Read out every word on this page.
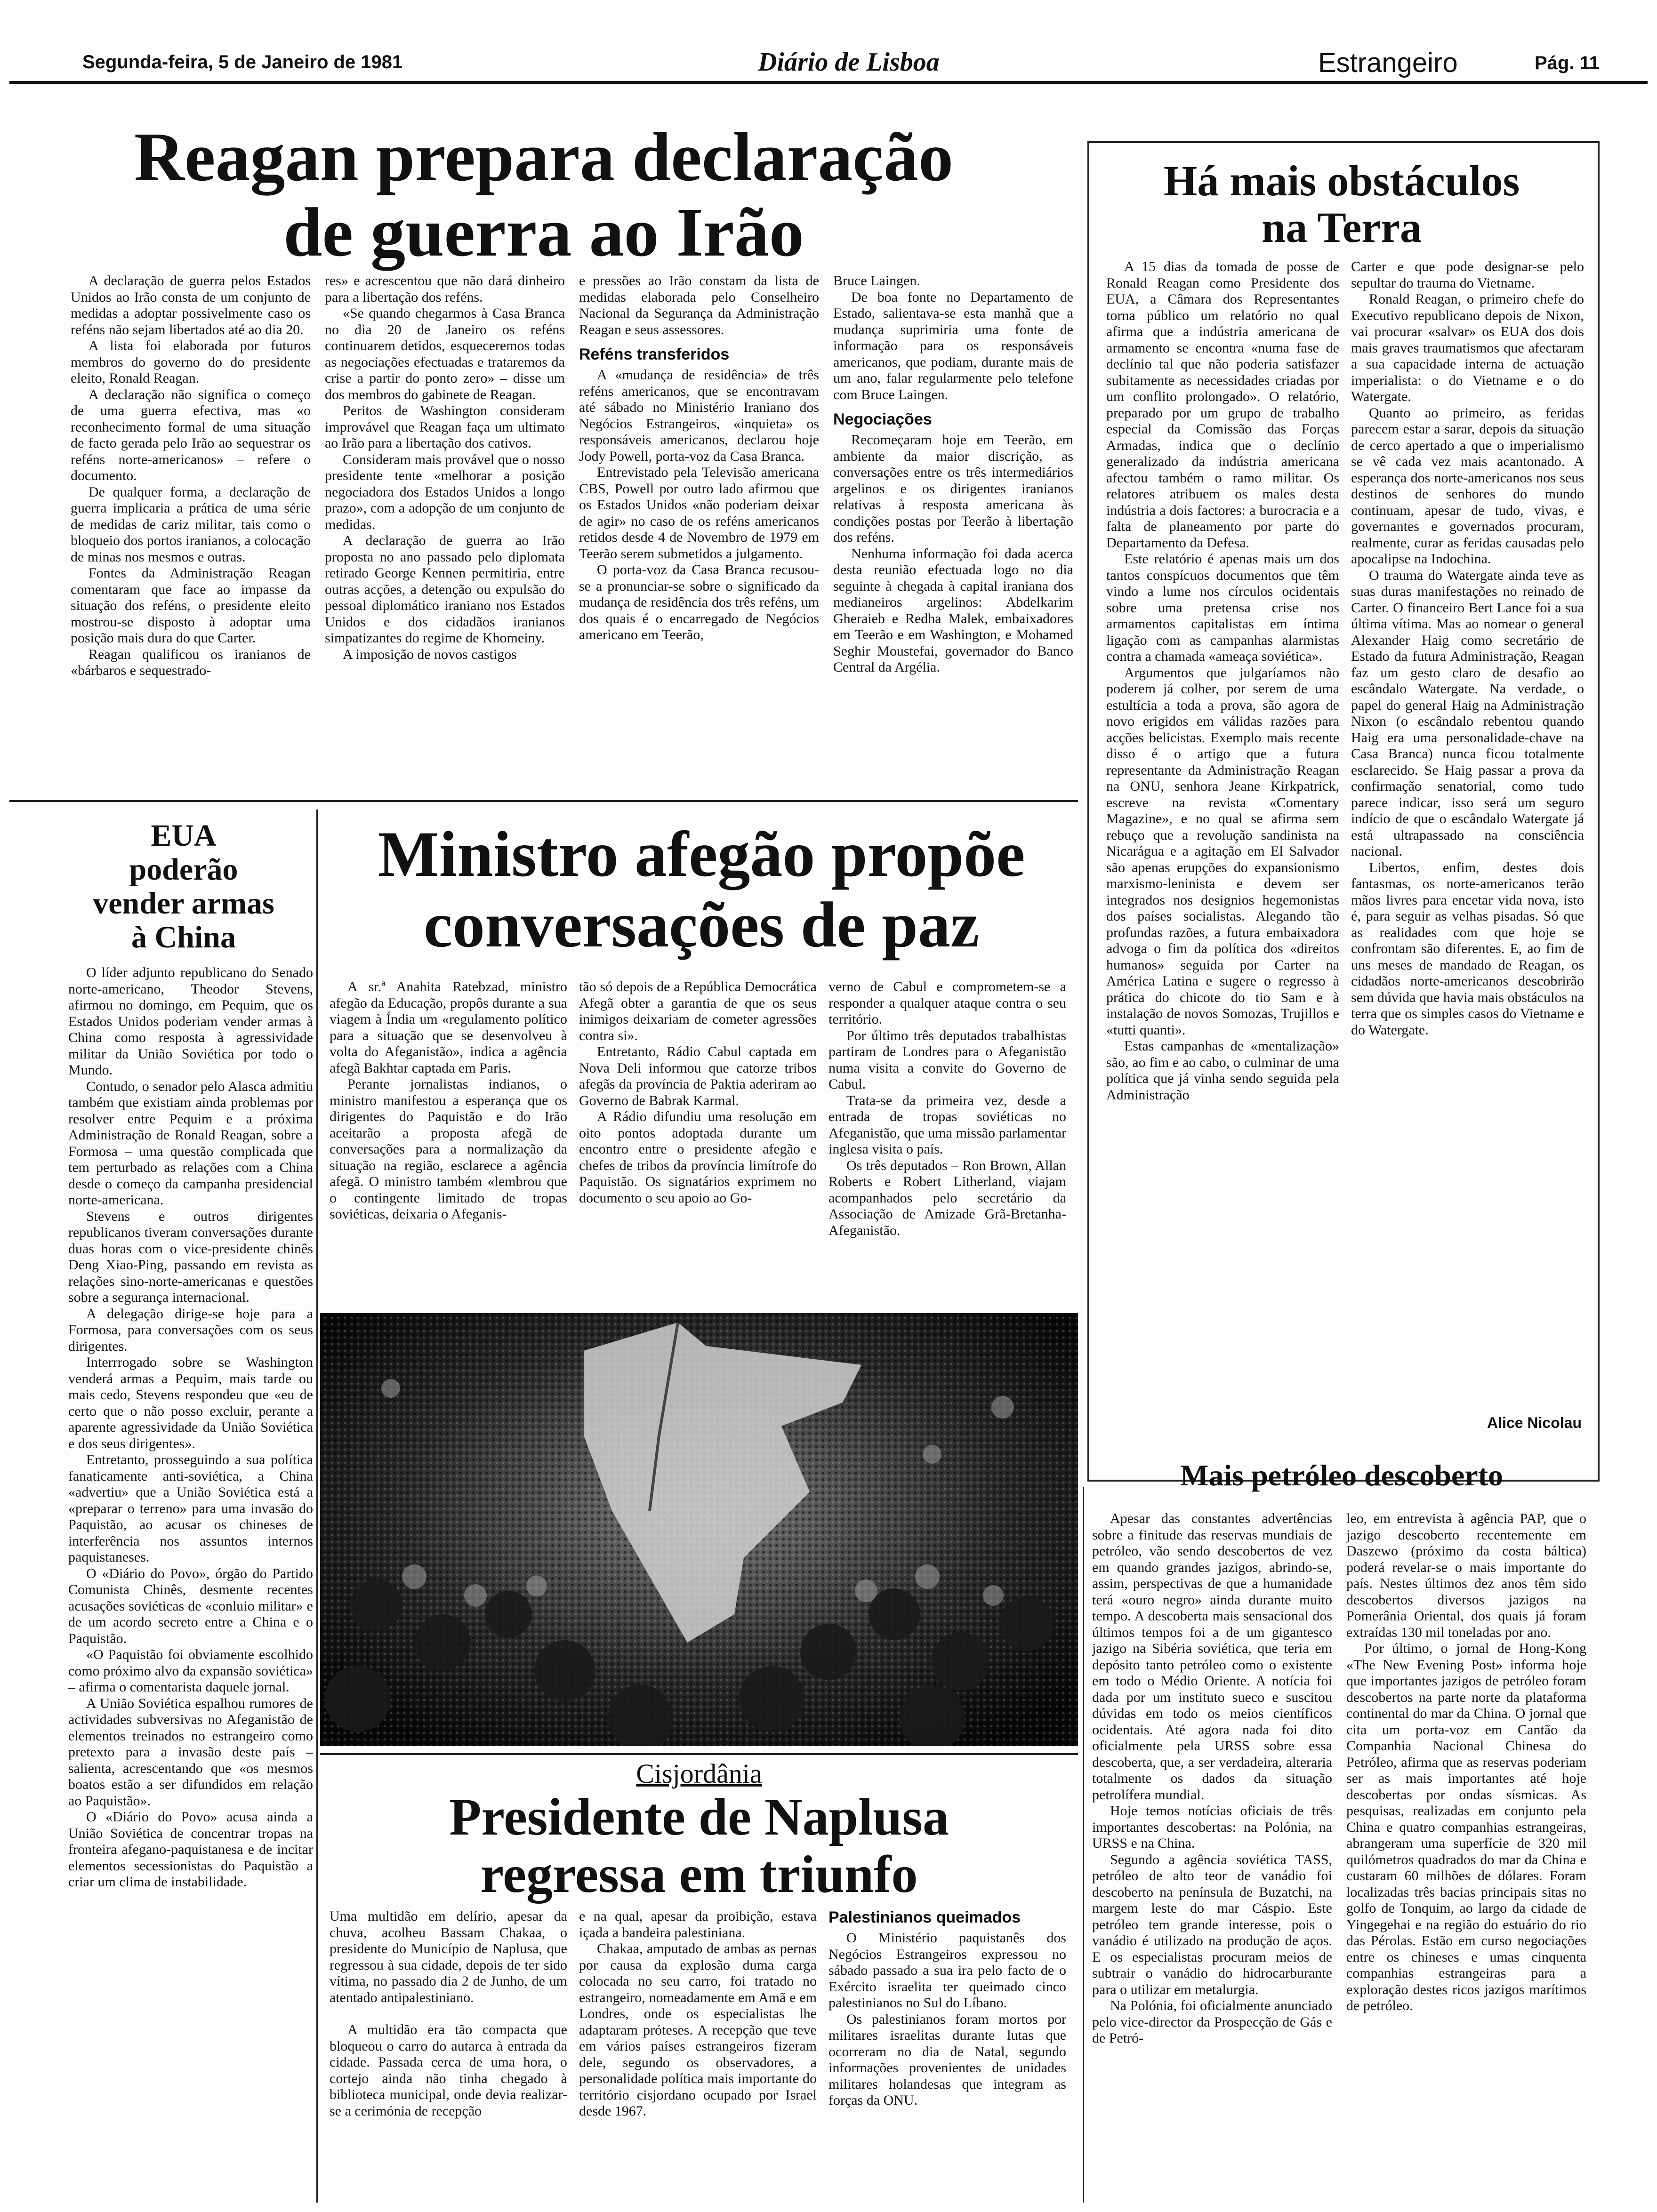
Segunda-feira, 5 de Janeiro de 1981	Diário de Lisboa	Estrangeiro	Pág. 11
Reagan prepara declaração
de guerra ao Irão

A declaração de guerra pelos Estados Unidos ao Irão consta de um conjunto de medidas a adoptar possivelmente caso os reféns não sejam libertados até ao dia 20.

A lista foi elaborada por futuros membros do governo do do presidente eleito, Ronald Reagan.

A declaração não significa o começo de uma guerra efectiva, mas «o reconhecimento formal de uma situação de facto gerada pelo Irão ao sequestrar os reféns norte-americanos» – refere o documento.

De qualquer forma, a declaração de guerra implicaria a prática de uma série de medidas de cariz militar, tais como o bloqueio dos portos iranianos, a colocação de minas nos mesmos e outras.

Fontes da Administração Reagan comentaram que face ao impasse da situação dos reféns, o presidente eleito mostrou-se disposto à adoptar uma posição mais dura do que Carter.

Reagan qualificou os iranianos de «bárbaros e sequestrado-

res» e acrescentou que não dará dinheiro para a libertação dos reféns.

«Se quando chegarmos à Casa Branca no dia 20 de Janeiro os reféns continuarem detidos, esqueceremos todas as negociações efectuadas e trataremos da crise a partir do ponto zero» – disse um dos membros do gabinete de Reagan.

Peritos de Washington consideram improvável que Reagan faça um ultimato ao Irão para a libertação dos cativos.

Consideram mais provável que o nosso presidente tente «melhorar a posição negociadora dos Estados Unidos a longo prazo», com a adopção de um conjunto de medidas.

A declaração de guerra ao Irão proposta no ano passado pelo diplomata retirado George Kennen permitiria, entre outras acções, a detenção ou expulsão do pessoal diplomático iraniano nos Estados Unidos e dos cidadãos iranianos simpatizantes do regime de Khomeiny.

A imposição de novos castigos

e pressões ao Irão constam da lista de medidas elaborada pelo Conselheiro Nacional da Segurança da Administração Reagan e seus assessores.

Reféns transferidos

A «mudança de residência» de três reféns americanos, que se encontravam até sábado no Ministério Iraniano dos Negócios Estrangeiros, «inquieta» os responsáveis americanos, declarou hoje Jody Powell, porta-voz da Casa Branca.

Entrevistado pela Televisão americana CBS, Powell por outro lado afirmou que os Estados Unidos «não poderiam deixar de agir» no caso de os reféns americanos retidos desde 4 de Novembro de 1979 em Teerão serem submetidos a julgamento.

O porta-voz da Casa Branca recusou-se a pronunciar-se sobre o significado da mudança de residência dos três reféns, um dos quais é o encarregado de Negócios americano em Teerão,

Bruce Laingen.

De boa fonte no Departamento de Estado, salientava-se esta manhã que a mudança suprimiria uma fonte de informação para os responsáveis americanos, que podiam, durante mais de um ano, falar regularmente pelo telefone com Bruce Laingen.

Negociações

Recomeçaram hoje em Teerão, em ambiente da maior discrição, as conversações entre os três intermediários argelinos e os dirigentes iranianos relativas à resposta americana às condições postas por Teerão à libertação dos reféns.

Nenhuma informação foi dada acerca desta reunião efectuada logo no dia seguinte à chegada à capital iraniana dos medianeiros argelinos: Abdelkarim Gheraieb e Redha Malek, embaixadores em Teerão e em Washington, e Mohamed Seghir Moustefai, governador do Banco Central da Argélia.

Há mais obstáculos
na Terra

A 15 dias da tomada de posse de Ronald Reagan como Presidente dos EUA, a Câmara dos Representantes torna público um relatório no qual afirma que a indústria americana de armamento se encontra «numa fase de declínio tal que não poderia satisfazer subitamente as necessidades criadas por um conflito prolongado». O relatório, preparado por um grupo de trabalho especial da Comissão das Forças Armadas, indica que o declínio generalizado da indústria americana afectou também o ramo militar. Os relatores atribuem os males desta indústria a dois factores: a burocracia e a falta de planeamento por parte do Departamento da Defesa.

Este relatório é apenas mais um dos tantos conspícuos documentos que têm vindo a lume nos círculos ocidentais sobre uma pretensa crise nos armamentos capitalistas em íntima ligação com as campanhas alarmistas contra a chamada «ameaça soviética».

Argumentos que julgaríamos não poderem já colher, por serem de uma estultícia a toda a prova, são agora de novo erigidos em válidas razões para acções belicistas. Exemplo mais recente disso é o artigo que a futura representante da Administração Reagan na ONU, senhora Jeane Kirkpatrick, escreve na revista «Comentary Magazine», e no qual se afirma sem rebuço que a revolução sandinista na Nicarágua e a agitação em El Salvador são apenas erupções do expansionismo marxismo-leninista e devem ser integrados nos designios hegemonistas dos países socialistas. Alegando tão profundas razões, a futura embaixadora advoga o fim da política dos «direitos humanos» seguida por Carter na América Latina e sugere o regresso à prática do chicote do tio Sam e à instalação de novos Somozas, Trujillos e «tutti quanti».

Estas campanhas de «mentalização» são, ao fim e ao cabo, o culminar de uma política que já vinha sendo seguida pela Administração

Carter e que pode designar-se pelo sepultar do trauma do Vietname.

Ronald Reagan, o primeiro chefe do Executivo republicano depois de Nixon, vai procurar «salvar» os EUA dos dois mais graves traumatismos que afectaram a sua capacidade interna de actuação imperialista: o do Vietname e o do Watergate.

Quanto ao primeiro, as feridas parecem estar a sarar, depois da situação de cerco apertado a que o imperialismo se vê cada vez mais acantonado. A esperança dos norte-americanos nos seus destinos de senhores do mundo continuam, apesar de tudo, vivas, e governantes e governados procuram, realmente, curar as feridas causadas pelo apocalipse na Indochina.

O trauma do Watergate ainda teve as suas duras manifestações no reinado de Carter. O financeiro Bert Lance foi a sua última vítima. Mas ao nomear o general Alexander Haig como secretário de Estado da futura Administração, Reagan faz um gesto claro de desafio ao escândalo Watergate. Na verdade, o papel do general Haig na Administração Nixon (o escândalo rebentou quando Haig era uma personalidade-chave na Casa Branca) nunca ficou totalmente esclarecido. Se Haig passar a prova da confirmação senatorial, como tudo parece indicar, isso será um seguro indício de que o escândalo Watergate já está ultrapassado na consciência nacional.

Libertos, enfim, destes dois fantasmas, os norte-americanos terão mãos livres para encetar vida nova, isto é, para seguir as velhas pisadas. Só que as realidades com que hoje se confrontam são diferentes. E, ao fim de uns meses de mandado de Reagan, os cidadãos norte-americanos descobrirão sem dúvida que havia mais obstáculos na terra que os simples casos do Vietname e do Watergate.

Alice Nicolau
EUA
poderão
vender armas
à China

O líder adjunto republicano do Senado norte-americano, Theodor Stevens, afirmou no domingo, em Pequim, que os Estados Unidos poderiam vender armas à China como resposta à agressividade militar da União Soviética por todo o Mundo.

Contudo, o senador pelo Alasca admitiu também que existiam ainda problemas por resolver entre Pequim e a próxima Administração de Ronald Reagan, sobre a Formosa – uma questão complicada que tem perturbado as relações com a China desde o começo da campanha presidencial norte-americana.

Stevens e outros dirigentes republicanos tiveram conversações durante duas horas com o vice-presidente chinês Deng Xiao-Ping, passando em revista as relações sino-norte-americanas e questões sobre a segurança internacional.

A delegação dirige-se hoje para a Formosa, para conversações com os seus dirigentes.

Interrrogado sobre se Washington venderá armas a Pequim, mais tarde ou mais cedo, Stevens respondeu que «eu de certo que o não posso excluir, perante a aparente agressividade da União Soviética e dos seus dirigentes».

Entretanto, prosseguindo a sua política fanaticamente anti-soviética, a China «advertiu» que a União Soviética está a «preparar o terreno» para uma invasão do Paquistão, ao acusar os chineses de interferência nos assuntos internos paquistaneses.

O «Diário do Povo», órgão do Partido Comunista Chinês, desmente recentes acusações soviéticas de «conluio militar» e de um acordo secreto entre a China e o Paquistão.

«O Paquistão foi obviamente escolhido como próximo alvo da expansão soviética» – afirma o comentarista daquele jornal.

A União Soviética espalhou rumores de actividades subversivas no Afeganistão de elementos treinados no estrangeiro como pretexto para a invasão deste país – salienta, acrescentando que «os mesmos boatos estão a ser difundidos em relação ao Paquistão».

O «Diário do Povo» acusa ainda a União Soviética de concentrar tropas na fronteira afegano-paquistanesa e de incitar elementos secessionistas do Paquistão a criar um clima de instabilidade.

Ministro afegão propõe
conversações de paz

A sr.ª Anahita Ratebzad, ministro afegão da Educação, propôs durante a sua viagem à Índia um «regulamento político para a situação que se desenvolveu à volta do Afeganistão», indica a agência afegã Bakhtar captada em Paris.

Perante jornalistas indianos, o ministro manifestou a esperança que os dirigentes do Paquistão e do Irão aceitarão a proposta afegã de conversações para a normalização da situação na região, esclarece a agência afegã. O ministro também «lembrou que o contingente limitado de tropas soviéticas, deixaria o Afeganis-

tão só depois de a República Democrática Afegã obter a garantia de que os seus inimigos deixariam de cometer agressões contra si».

Entretanto, Rádio Cabul captada em Nova Deli informou que catorze tribos afegãs da província de Paktia aderiram ao Governo de Babrak Karmal.

A Rádio difundiu uma resolução em oito pontos adoptada durante um encontro entre o presidente afegão e chefes de tribos da província limítrofe do Paquistão. Os signatários exprimem no documento o seu apoio ao Go-

verno de Cabul e comprometem-se a responder a qualquer ataque contra o seu território.

Por último três deputados trabalhistas partiram de Londres para o Afeganistão numa visita a convite do Governo de Cabul.

Trata-se da primeira vez, desde a entrada de tropas soviéticas no Afeganistão, que uma missão parlamentar inglesa visita o país.

Os três deputados – Ron Brown, Allan Roberts e Robert Litherland, viajam acompanhados pelo secretário da Associação de Amizade Grã-Bretanha-Afeganistão.

Cisjordânia
Presidente de Naplusa
regressa em triunfo

Uma multidão em delírio, apesar da chuva, acolheu Bassam Chakaa, o presidente do Município de Naplusa, que regressou à sua cidade, depois de ter sido vítima, no passado dia 2 de Junho, de um atentado antipalestiniano.

A multidão era tão compacta que bloqueou o carro do autarca à entrada da cidade. Passada cerca de uma hora, o cortejo ainda não tinha chegado à biblioteca municipal, onde devia realizar-se a cerimónia de recepção

e na qual, apesar da proibição, estava içada a bandeira palestiniana.

Chakaa, amputado de ambas as pernas por causa da explosão duma carga colocada no seu carro, foi tratado no estrangeiro, nomeadamente em Amã e em Londres, onde os especialistas lhe adaptaram próteses. A recepção que teve em vários países estrangeiros fizeram dele, segundo os observadores, a personalidade política mais importante do território cisjordano ocupado por Israel desde 1967.

Palestinianos queimados

O Ministério paquistanês dos Negócios Estrangeiros expressou no sábado passado a sua ira pelo facto de o Exército israelita ter queimado cinco palestinianos no Sul do Líbano.

Os palestinianos foram mortos por militares israelitas durante lutas que ocorreram no dia de Natal, segundo informações provenientes de unidades militares holandesas que integram as forças da ONU.

Mais petróleo descoberto

Apesar das constantes advertências sobre a finitude das reservas mundiais de petróleo, vão sendo descobertos de vez em quando grandes jazigos, abrindo-se, assim, perspectivas de que a humanidade terá «ouro negro» ainda durante muito tempo. A descoberta mais sensacional dos últimos tempos foi a de um gigantesco jazigo na Sibéria soviética, que teria em depósito tanto petróleo como o existente em todo o Médio Oriente. A notícia foi dada por um instituto sueco e suscitou dúvidas em todo os meios científicos ocidentais. Até agora nada foi dito oficialmente pela URSS sobre essa descoberta, que, a ser verdadeira, alteraria totalmente os dados da situação petrolífera mundial.

Hoje temos notícias oficiais de três importantes descobertas: na Polónia, na URSS e na China.

Segundo a agência soviética TASS, petróleo de alto teor de vanádio foi descoberto na península de Buzatchi, na margem leste do mar Cáspio. Este petróleo tem grande interesse, pois o vanádio é utilizado na produção de aços. E os especialistas procuram meios de subtrair o vanádio do hidrocarburante para o utilizar em metalurgia.

Na Polónia, foi oficialmente anunciado pelo vice-director da Prospecção de Gás e de Petró-

leo, em entrevista à agência PAP, que o jazigo descoberto recentemente em Daszewo (próximo da costa báltica) poderá revelar-se o mais importante do país. Nestes últimos dez anos têm sido descobertos diversos jazigos na Pomerânia Oriental, dos quais já foram extraídas 130 mil toneladas por ano.

Por último, o jornal de Hong-Kong «The New Evening Post» informa hoje que importantes jazigos de petróleo foram descobertos na parte norte da plataforma continental do mar da China. O jornal que cita um porta-voz em Cantão da Companhia Nacional Chinesa do Petróleo, afirma que as reservas poderiam ser as mais importantes até hoje descobertas por ondas sísmicas. As pesquisas, realizadas em conjunto pela China e quatro companhias estrangeiras, abrangeram uma superfície de 320 mil quilómetros quadrados do mar da China e custaram 60 milhões de dólares. Foram localizadas três bacias principais sitas no golfo de Tonquim, ao largo da cidade de Yingegehai e na região do estuário do rio das Pérolas. Estão em curso negociações entre os chineses e umas cinquenta companhias estrangeiras para a exploração destes ricos jazigos marítimos de petróleo.
